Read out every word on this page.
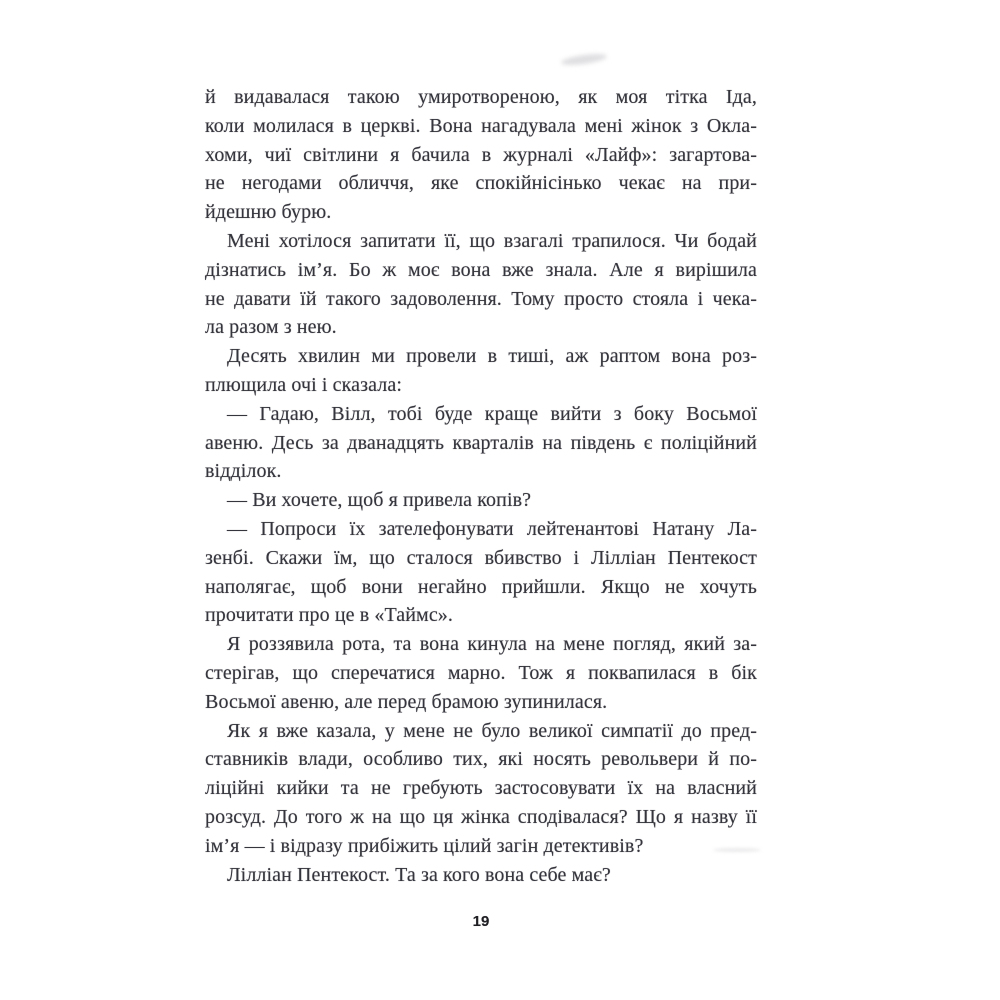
й видавалася такою умиротвореною, як моя тітка Іда,
коли молилася в церкві. Вона нагадувала мені жінок з Окла-
хоми, чиї світлини я бачила в журналі «Лайф»: загартова-
не негодами обличчя, яке спокійнісінько чекає на при-
йдешню бурю.
Мені хотілося запитати її, що взагалі трапилося. Чи бодай
дізнатись ім’я. Бо ж моє вона вже знала. Але я вирішила
не давати їй такого задоволення. Тому просто стояла і чека-
ла разом з нею.
Десять хвилин ми провели в тиші, аж раптом вона роз-
плющила очі і сказала:
— Гадаю, Вілл, тобі буде краще вийти з боку Восьмої
авеню. Десь за дванадцять кварталів на південь є поліційний
відділок.
— Ви хочете, щоб я привела копів?
— Попроси їх зателефонувати лейтенантові Натану Ла-
зенбі. Скажи їм, що сталося вбивство і Лілліан Пентекост
наполягає, щоб вони негайно прийшли. Якщо не хочуть
прочитати про це в «Таймс».
Я роззявила рота, та вона кинула на мене погляд, який за-
стерігав, що сперечатися марно. Тож я поквапилася в бік
Восьмої авеню, але перед брамою зупинилася.
Як я вже казала, у мене не було великої симпатії до пред-
ставників влади, особливо тих, які носять револьвери й по-
ліційні кийки та не гребують застосовувати їх на власний
розсуд. До того ж на що ця жінка сподівалася? Що я назву її
ім’я — і відразу прибіжить цілий загін детективів?
Лілліан Пентекост. Та за кого вона себе має?
19
